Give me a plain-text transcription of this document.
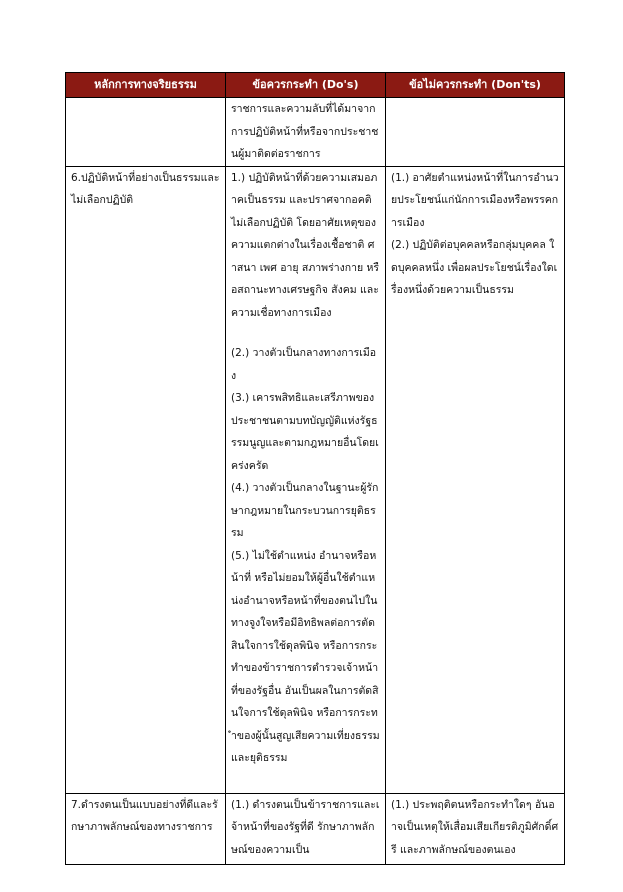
หลักการทางจริยธรรม	ข้อควรกระทำ (Do's)	ข้อไม่ควรกระทำ (Don'ts)

	ราชการและความลับที่ได้มาจากการปฏิบัติหน้าที่หรือจากประชาชนผู้มาติดต่อราชการ	

6.ปฏิบัติหน้าที่อย่างเป็นธรรมและไม่เลือกปฏิบัติ	1.) ปฏิบัติหน้าที่ด้วยความเสมอภาคเป็นธรรม และปราศจากอคติ ไม่เลือกปฏิบัติ โดยอาศัยเหตุของความแตกต่างในเรื่องเชื้อชาติ ศาสนา เพศ อายุ สภาพร่างกาย หรือสถานะทางเศรษฐกิจ สังคม และความเชื่อทางการเมือง
(2.) วางตัวเป็นกลางทางการเมือง
(3.) เคารพสิทธิและเสรีภาพของประชาชนตามบทบัญญัติแห่งรัฐธรรมนูญและตามกฎหมายอื่นโดยเคร่งครัด
(4.) วางตัวเป็นกลางในฐานะผู้รักษากฎหมายในกระบวนการยุติธรรม
(5.) ไม่ใช้ตำแหน่ง อำนาจหรือหน้าที่ หรือไม่ยอมให้ผู้อื่นใช้ตำแหน่งอำนาจหรือหน้าที่ของตนไปในทางจูงใจหรือมีอิทธิพลต่อการตัดสินใจการใช้ดุลพินิจ หรือการกระทำของข้าราชการตำรวจเจ้าหน้าที่ของรัฐอื่น อันเป็นผลในการตัดสินใจการใช้ดุลพินิจ หรือการกระทำของผู้นั้นสูญเสียความเที่ยงธรรมและยุติธรรม	(1.) อาศัยตำแหน่งหน้าที่ในการอำนวยประโยชน์แก่นักการเมืองหรือพรรคการเมือง
(2.) ปฏิบัติต่อบุคคลหรือกลุ่มบุคคล ใดบุคคลหนึ่ง เพื่อผลประโยชน์เรื่องใดเรื่องหนึ่งด้วยความเป็นธรรม

7.ดำรงตนเป็นแบบอย่างที่ดีและรักษาภาพลักษณ์ของทางราชการ	(1.) ดำรงตนเป็นข้าราชการและเจ้าหน้าที่ของรัฐที่ดี รักษาภาพลักษณ์ของความเป็น	(1.) ประพฤติตนหรือกระทำใดๆ อันอาจเป็นเหตุให้เสื่อมเสียเกียรติภูมิศักดิ์ศรี และภาพลักษณ์ของตนเอง
